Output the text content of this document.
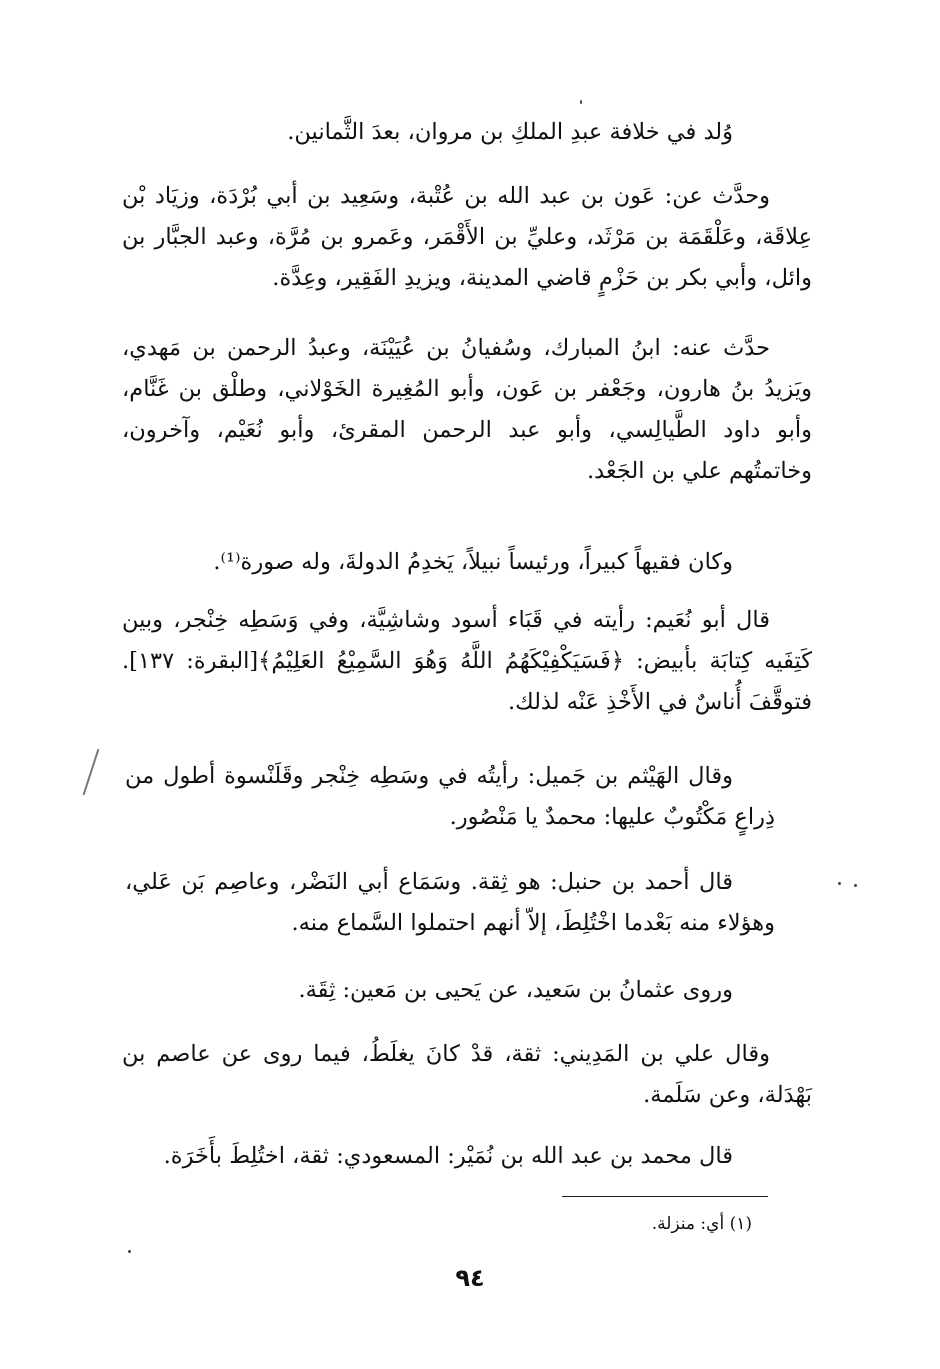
وُلد في خلافة عبدِ الملكِ بن مروان، بعدَ الثَّمانين.

وحدَّث عن: عَون بن عبد الله بن عُتْبة، وسَعِيد بن أبي بُرْدَة، وزيَاد بْن عِلاقَة، وعَلْقَمَة بن مَرْثَد، وعليِّ بن الأَقْمَر، وعَمرو بن مُرَّة، وعبد الجبَّار بن وائل، وأبي بكر بن حَزْمٍ قاضي المدينة، ويزيدِ الفَقِير، وعِدَّة.

حدَّث عنه: ابنُ المبارك، وسُفيانُ بن عُيَيْنَة، وعبدُ الرحمن بن مَهدي، ويَزيدُ بنُ هارون، وجَعْفر بن عَون، وأبو المُغِيرة الخَوْلاني، وطلْق بن غَنَّام، وأبو داود الطَّيالِسي، وأبو عبد الرحمن المقرئ، وأبو نُعَيْم، وآخرون، وخاتمتُهم علي بن الجَعْد.

وكان فقيهاً كبيراً، ورئيساً نبيلاً، يَخدِمُ الدولةَ، وله صورة⁽¹⁾.

قال أبو نُعَيم: رأيته في قَبَاء أسود وشاشِيَّة، وفي وَسَطِه خِنْجر، وبين كَتِفَيه كِتابَة بأبيض: ﴿فَسَيَكْفِيْكَهُمُ اللَّهُ وَهُوَ السَّمِيْعُ العَلِيْمُ﴾[البقرة: ١٣٧]. فتوقَّفَ أُناسٌ في الأَخْذِ عَنْه لذلك.

وقال الهَيْثم بن جَميل: رأيتُه في وسَطِه خِنْجر وقَلَنْسوة أطول من ذِراعٍ مَكْتُوبٌ عليها: محمدٌ يا مَنْصُور.

قال أحمد بن حنبل: هو ثِقة. وسَمَاع أبي النَضْر، وعاصِم بَن عَلي، وهؤلاء منه بَعْدما اخْتُلِطَ، إلاّ أنهم احتملوا السَّماع منه.

وروى عثمانُ بن سَعيد، عن يَحيى بن مَعين: ثِقَة.

وقال علي بن المَدِيني: ثقة، قدْ كانَ يغلَطُ، فيما روى عن عاصم بن بَهْدَلة، وعن سَلَمة.

قال محمد بن عبد الله بن نُمَيْر: المسعودي: ثقة، اختُلِطَ بأَخَرَة.

(١) أي: منزلة.
٩٤
